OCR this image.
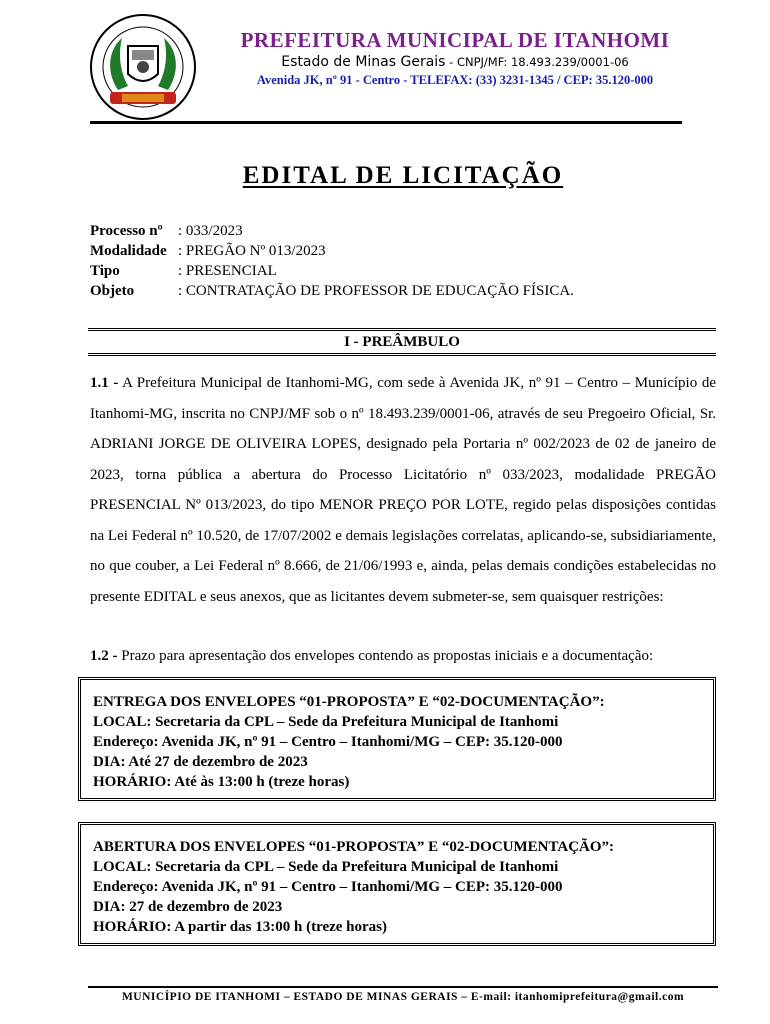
PREFEITURA MUNICIPAL DE ITANHOMI
Estado de Minas Gerais - CNPJ/MF: 18.493.239/0001-06
Avenida JK, nº 91 - Centro - TELEFAX: (33) 3231-1345 / CEP: 35.120-000
EDITAL DE LICITAÇÃO
Processo nº	: 033/2023
Modalidade : PREGÃO Nº 013/2023
Tipo	: PRESENCIAL
Objeto	: CONTRATAÇÃO DE PROFESSOR DE EDUCAÇÃO FÍSICA.
I - PREÂMBULO

1.1 - A Prefeitura Municipal de Itanhomi-MG, com sede à Avenida JK, nº 91 – Centro – Município de Itanhomi-MG, inscrita no CNPJ/MF sob o nº 18.493.239/0001-06, através de seu Pregoeiro Oficial, Sr. ADRIANI JORGE DE OLIVEIRA LOPES, designado pela Portaria nº 002/2023 de 02 de janeiro de 2023, torna pública a abertura do Processo Licitatório nº 033/2023, modalidade PREGÃO PRESENCIAL Nº 013/2023, do tipo MENOR PREÇO POR LOTE, regido pelas disposições contidas na Lei Federal nº 10.520, de 17/07/2002 e demais legislações correlatas, aplicando-se, subsidiariamente, no que couber, a Lei Federal nº 8.666, de 21/06/1993 e, ainda, pelas demais condições estabelecidas no presente EDITAL e seus anexos, que as licitantes devem submeter-se, sem quaisquer restrições:

1.2 - Prazo para apresentação dos envelopes contendo as propostas iniciais e a documentação:

ENTREGA DOS ENVELOPES “01-PROPOSTA” E “02-DOCUMENTAÇÃO”:
LOCAL: Secretaria da CPL – Sede da Prefeitura Municipal de Itanhomi
Endereço: Avenida JK, nº 91 – Centro – Itanhomi/MG – CEP: 35.120-000
DIA: Até 27 de dezembro de 2023
HORÁRIO: Até às 13:00 h (treze horas)
ABERTURA DOS ENVELOPES “01-PROPOSTA” E “02-DOCUMENTAÇÃO”:
LOCAL: Secretaria da CPL – Sede da Prefeitura Municipal de Itanhomi
Endereço: Avenida JK, nº 91 – Centro – Itanhomi/MG – CEP: 35.120-000
DIA: 27 de dezembro de 2023
HORÁRIO: A partir das 13:00 h (treze horas)
MUNICÍPIO DE ITANHOMI – ESTADO DE MINAS GERAIS – E-mail: itanhomiprefeitura@gmail.com
